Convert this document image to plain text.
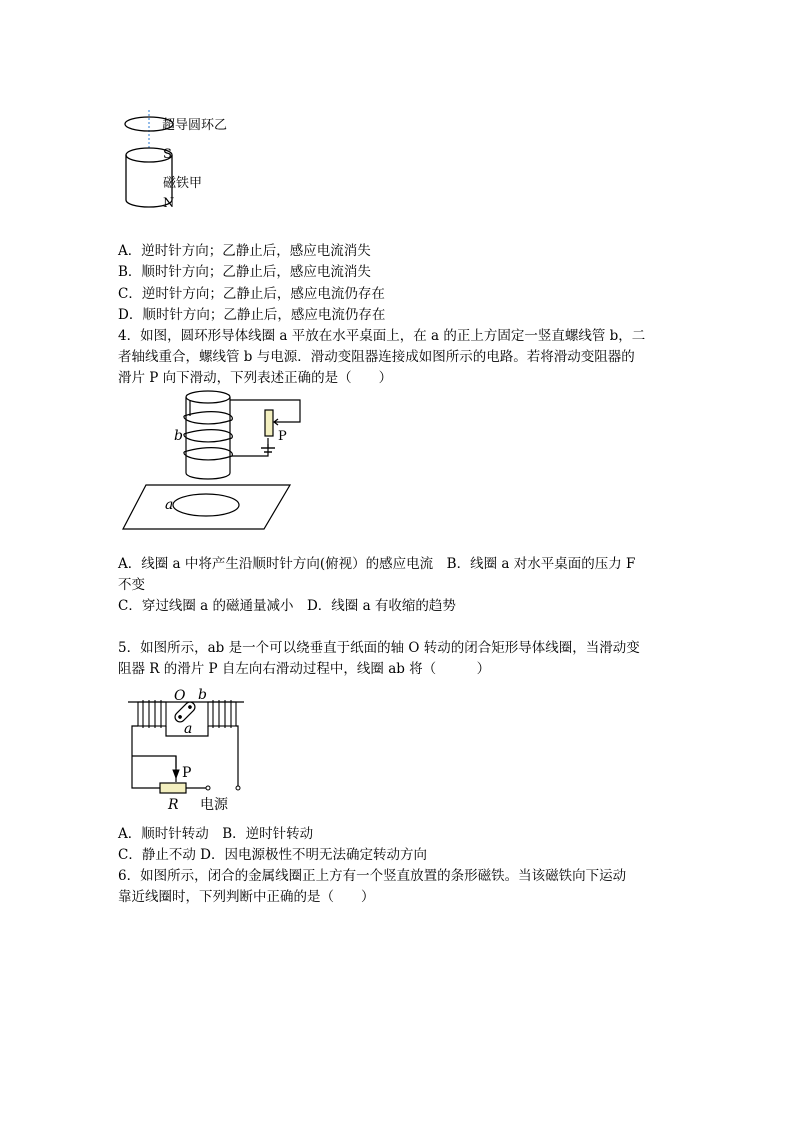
超导圆环乙
S
磁铁甲
N
A．逆时针方向；乙静止后，感应电流消失
B．顺时针方向；乙静止后，感应电流消失
C．逆时针方向；乙静止后，感应电流仍存在
D．顺时针方向；乙静止后，感应电流仍存在
4．如图，圆环形导体线圈 a 平放在水平桌面上，在 a 的正上方固定一竖直螺线管 b，二
者轴线重合，螺线管 b 与电源．滑动变阻器连接成如图所示的电路。若将滑动变阻器的
滑片 P 向下滑动，下列表述正确的是（　　）
P
b
a
A．线圈 a 中将产生沿顺时针方向(俯视）的感应电流　B．线圈 a 对水平桌面的压力 F
不变
C．穿过线圈 a 的磁通量减小　D．线圈 a 有收缩的趋势
5．如图所示，ab 是一个可以绕垂直于纸面的轴 O 转动的闭合矩形导体线圈，当滑动变
阻器 R 的滑片 P 自左向右滑动过程中，线圈 ab 将（　　　）
O b
a
P
R 电源
A．顺时针转动　B．逆时针转动
C．静止不动 D．因电源极性不明无法确定转动方向
6．如图所示，闭合的金属线圈正上方有一个竖直放置的条形磁铁。当该磁铁向下运动
靠近线圈时，下列判断中正确的是（　　）
